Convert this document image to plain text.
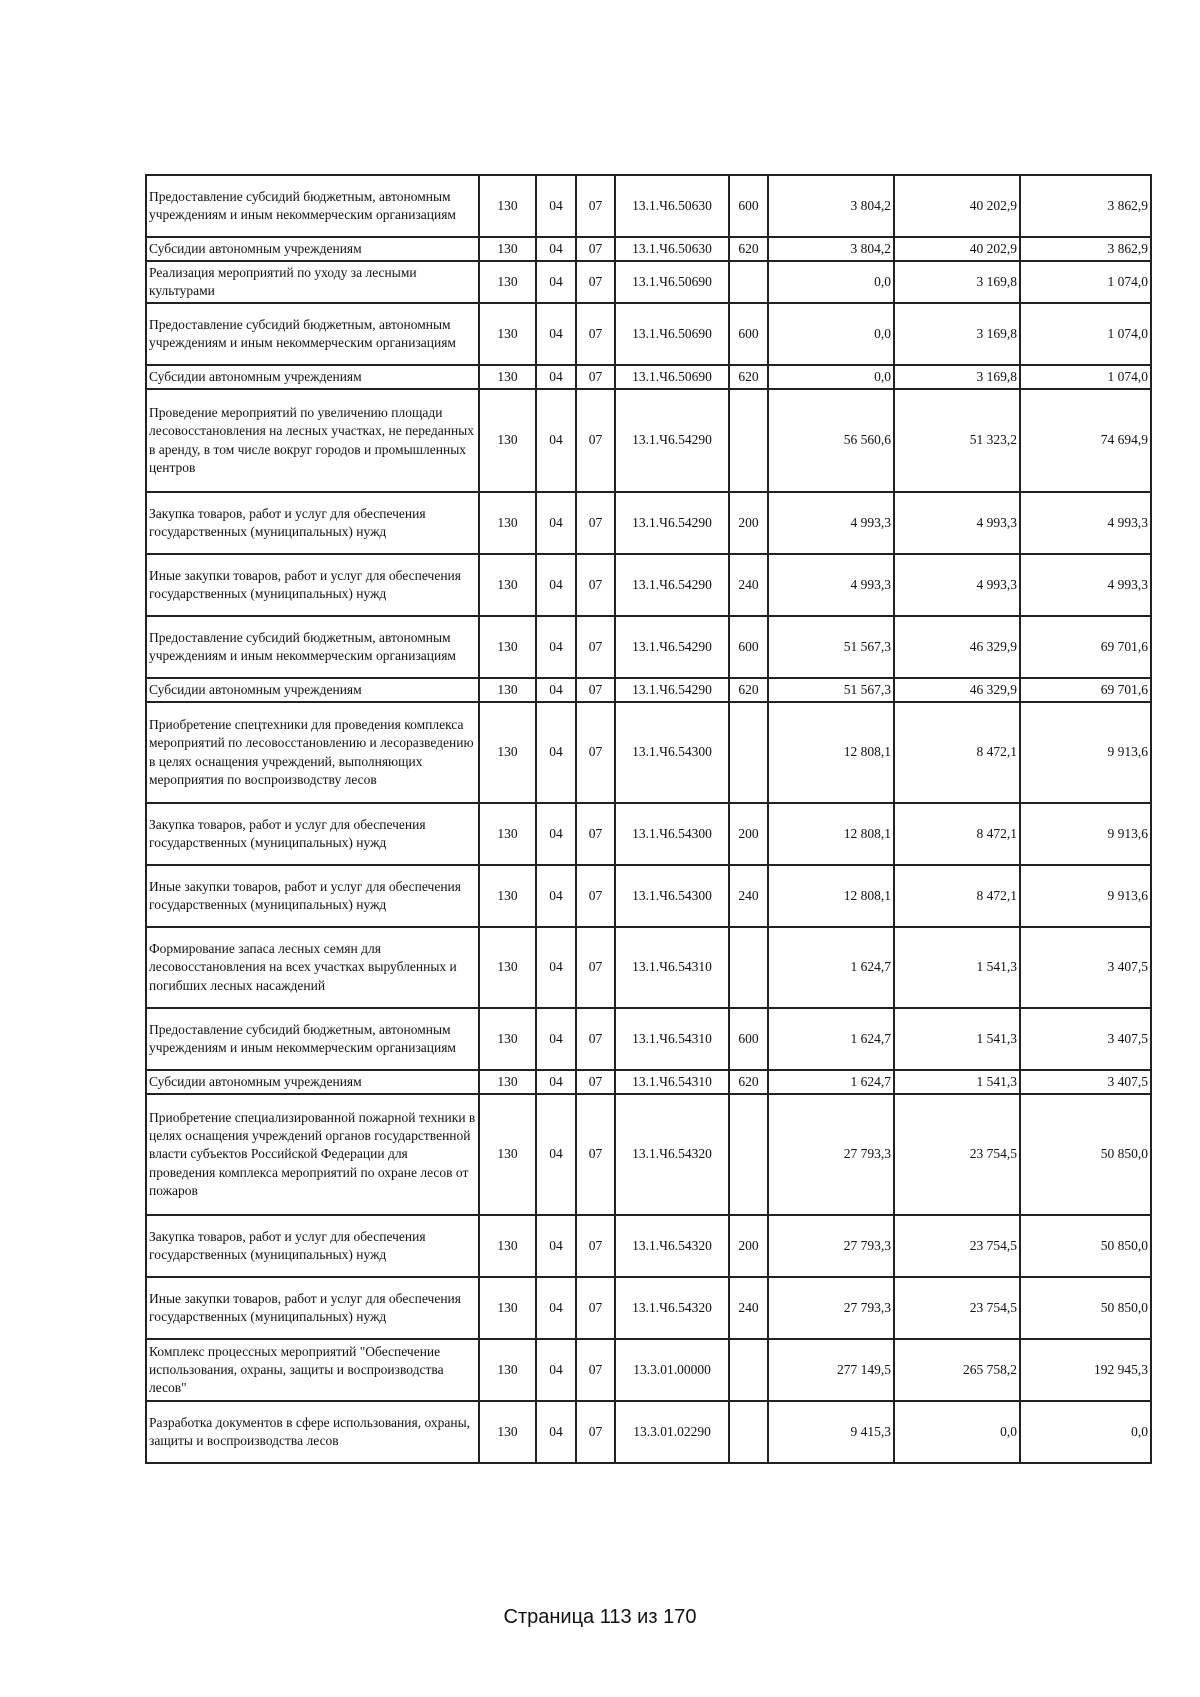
Предоставление субсидий бюджетным, автономным учреждениям и иным некоммерческим организациям	130	04	07	13.1.Ч6.50630	600	3 804,2	40 202,9	3 862,9
Субсидии автономным учреждениям	130	04	07	13.1.Ч6.50630	620	3 804,2	40 202,9	3 862,9
Реализация мероприятий по уходу за лесными культурами	130	04	07	13.1.Ч6.50690		0,0	3 169,8	1 074,0
Предоставление субсидий бюджетным, автономным учреждениям и иным некоммерческим организациям	130	04	07	13.1.Ч6.50690	600	0,0	3 169,8	1 074,0
Субсидии автономным учреждениям	130	04	07	13.1.Ч6.50690	620	0,0	3 169,8	1 074,0
Проведение мероприятий по увеличению площади лесовосстановления на лесных участках, не переданных в аренду, в том числе вокруг городов и промышленных центров	130	04	07	13.1.Ч6.54290		56 560,6	51 323,2	74 694,9
Закупка товаров, работ и услуг для обеспечения государственных (муниципальных) нужд	130	04	07	13.1.Ч6.54290	200	4 993,3	4 993,3	4 993,3
Иные закупки товаров, работ и услуг для обеспечения государственных (муниципальных) нужд	130	04	07	13.1.Ч6.54290	240	4 993,3	4 993,3	4 993,3
Предоставление субсидий бюджетным, автономным учреждениям и иным некоммерческим организациям	130	04	07	13.1.Ч6.54290	600	51 567,3	46 329,9	69 701,6
Субсидии автономным учреждениям	130	04	07	13.1.Ч6.54290	620	51 567,3	46 329,9	69 701,6
Приобретение спецтехники для проведения комплекса мероприятий по лесовосстановлению и лесоразведению в целях оснащения учреждений, выполняющих мероприятия по воспроизводству лесов	130	04	07	13.1.Ч6.54300		12 808,1	8 472,1	9 913,6
Закупка товаров, работ и услуг для обеспечения государственных (муниципальных) нужд	130	04	07	13.1.Ч6.54300	200	12 808,1	8 472,1	9 913,6
Иные закупки товаров, работ и услуг для обеспечения государственных (муниципальных) нужд	130	04	07	13.1.Ч6.54300	240	12 808,1	8 472,1	9 913,6
Формирование запаса лесных семян для лесовосстановления на всех участках вырубленных и погибших лесных насаждений	130	04	07	13.1.Ч6.54310		1 624,7	1 541,3	3 407,5
Предоставление субсидий бюджетным, автономным учреждениям и иным некоммерческим организациям	130	04	07	13.1.Ч6.54310	600	1 624,7	1 541,3	3 407,5
Субсидии автономным учреждениям	130	04	07	13.1.Ч6.54310	620	1 624,7	1 541,3	3 407,5
Приобретение специализированной пожарной техники в целях оснащения учреждений органов государственной власти субъектов Российской Федерации для проведения комплекса мероприятий по охране лесов от пожаров	130	04	07	13.1.Ч6.54320		27 793,3	23 754,5	50 850,0
Закупка товаров, работ и услуг для обеспечения государственных (муниципальных) нужд	130	04	07	13.1.Ч6.54320	200	27 793,3	23 754,5	50 850,0
Иные закупки товаров, работ и услуг для обеспечения государственных (муниципальных) нужд	130	04	07	13.1.Ч6.54320	240	27 793,3	23 754,5	50 850,0
Комплекс процессных мероприятий "Обеспечение использования, охраны, защиты и воспроизводства лесов"	130	04	07	13.3.01.00000		277 149,5	265 758,2	192 945,3
Разработка документов в сфере использования, охраны, защиты и воспроизводства лесов	130	04	07	13.3.01.02290		9 415,3	0,0	0,0
Страница 113 из 170
